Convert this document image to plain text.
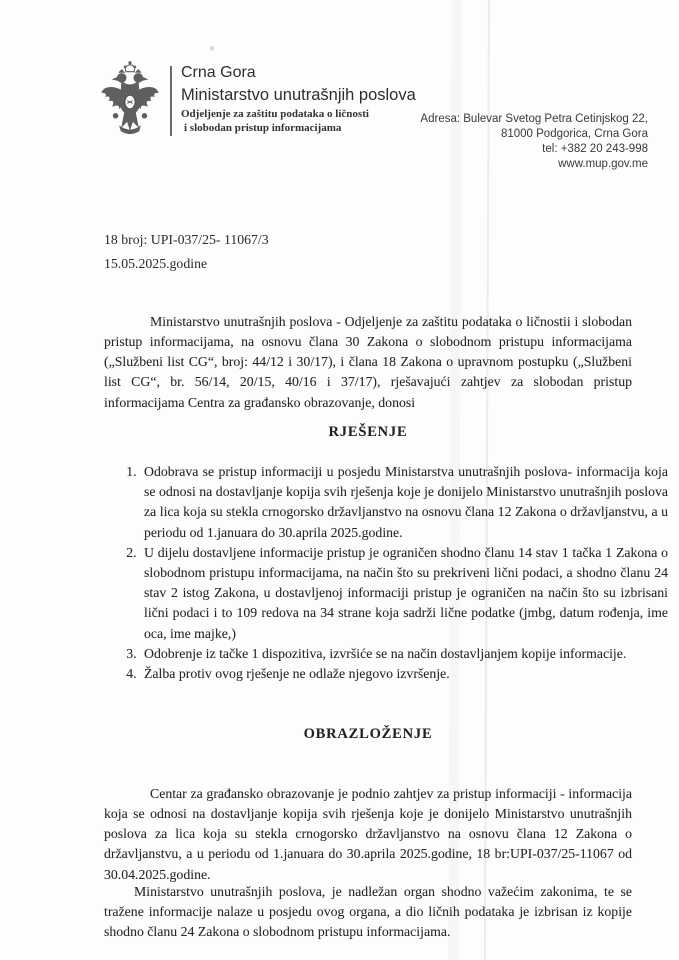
Crna Gora

Ministarstvo unutrašnjih poslova

Odjeljenje za zaštitu podataka o ličnosti

i slobodan pristup informacijama

Adresa: Bulevar Svetog Petra Cetinjskog 22,
81000 Podgorica, Crna Gora
tel: +382 20 243-998
www.mup.gov.me

18 broj: UPI-037/25- 11067/3

15.05.2025.godine

Ministarstvo unutrašnjih poslova - Odjeljenje za zaštitu podataka o ličnostii i slobodan pristup informacijama, na osnovu člana 30 Zakona o slobodnom pristupu informacijama („Službeni list CG“, broj: 44/12 i 30/17), i člana 18 Zakona o upravnom postupku („Službeni list CG“, br. 56/14, 20/15, 40/16 i 37/17), rješavajući zahtjev za slobodan pristup informacijama Centra za građansko obrazovanje, donosi

RJEŠENJE
1. Odobrava se pristup informaciji u posjedu Ministarstva unutrašnjih poslova- informacija koja se odnosi na dostavljanje kopija svih rješenja koje je donijelo Ministarstvo unutrašnjih poslova za lica koja su stekla crnogorsko državljanstvo na osnovu člana 12 Zakona o državljanstvu, a u periodu od 1.januara do 30.aprila 2025.godine.
2. U dijelu dostavljene informacije pristup je ograničen shodno članu 14 stav 1 tačka 1 Zakona o slobodnom pristupu informacijama, na način što su prekriveni lični podaci, a shodno članu 24 stav 2 istog Zakona, u dostavljenoj informaciji pristup je ograničen na način što su izbrisani lični podaci i to 109 redova na 34 strane koja sadrži lične podatke (jmbg, datum rođenja, ime oca, ime majke,)
3. Odobrenje iz tačke 1 dispozitiva, izvršiće se na način dostavljanjem kopije informacije.
4. Žalba protiv ovog rješenje ne odlaže njegovo izvršenje.
OBRAZLOŽENJE

Centar za građansko obrazovanje je podnio zahtjev za pristup informaciji - informacija koja se odnosi na dostavljanje kopija svih rješenja koje je donijelo Ministarstvo unutrašnjih poslova za lica koja su stekla crnogorsko državljanstvo na osnovu člana 12 Zakona o državljanstvu, a u periodu od 1.januara do 30.aprila 2025.godine, 18 br:UPI-037/25-11067 od 30.04.2025.godine.

Ministarstvo unutrašnjih poslova, je nadležan organ shodno važećim zakonima, te se tražene informacije nalaze u posjedu ovog organa, a dio ličnih podataka je izbrisan iz kopije shodno članu 24 Zakona o slobodnom pristupu informacijama.
